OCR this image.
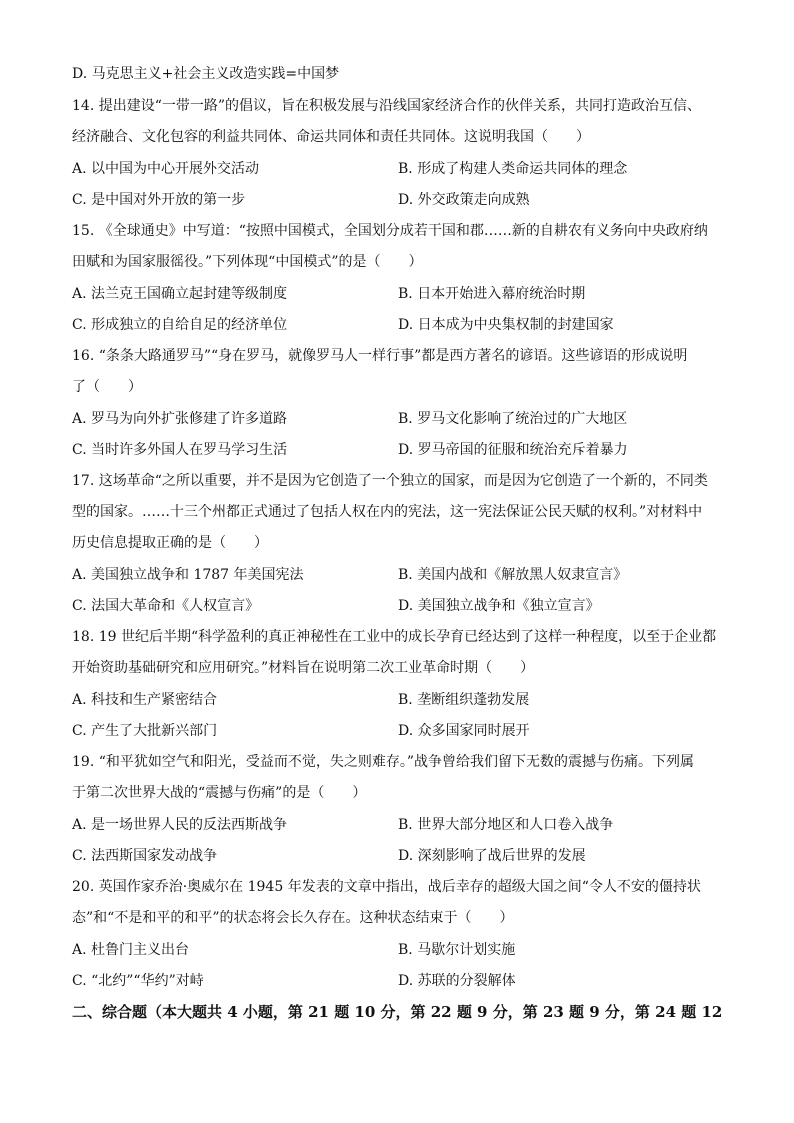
D. 马克思主义+社会主义改造实践=中国梦
14. 提出建设“一带一路”的倡议，旨在积极发展与沿线国家经济合作的伙伴关系，共同打造政治互信、
经济融合、文化包容的利益共同体、命运共同体和责任共同体。这说明我国（　　）
A. 以中国为中心开展外交活动	B. 形成了构建人类命运共同体的理念
C. 是中国对外开放的第一步	D. 外交政策走向成熟
15. 《全球通史》中写道：“按照中国模式，全国划分成若干国和郡……新的自耕农有义务向中央政府纳
田赋和为国家服徭役。”下列体现“中国模式”的是（　　）
A. 法兰克王国确立起封建等级制度	B. 日本开始进入幕府统治时期
C. 形成独立的自给自足的经济单位	D. 日本成为中央集权制的封建国家
16. “条条大路通罗马”“身在罗马，就像罗马人一样行事”都是西方著名的谚语。这些谚语的形成说明
了（　　）
A. 罗马为向外扩张修建了许多道路	B. 罗马文化影响了统治过的广大地区
C. 当时许多外国人在罗马学习生活	D. 罗马帝国的征服和统治充斥着暴力
17. 这场革命“之所以重要，并不是因为它创造了一个独立的国家，而是因为它创造了一个新的，不同类
型的国家。……十三个州都正式通过了包括人权在内的宪法，这一宪法保证公民天赋的权利。”对材料中
历史信息提取正确的是（　　）
A. 美国独立战争和 1787 年美国宪法	B. 美国内战和《解放黑人奴隶宣言》
C. 法国大革命和《人权宣言》	D. 美国独立战争和《独立宣言》
18. 19 世纪后半期“科学盈利的真正神秘性在工业中的成长孕育已经达到了这样一种程度，以至于企业都
开始资助基础研究和应用研究。”材料旨在说明第二次工业革命时期（　　）
A. 科技和生产紧密结合	B. 垄断组织蓬勃发展
C. 产生了大批新兴部门	D. 众多国家同时展开
19. “和平犹如空气和阳光，受益而不觉，失之则难存。”战争曾给我们留下无数的震撼与伤痛。下列属
于第二次世界大战的“震撼与伤痛”的是（　　）
A. 是一场世界人民的反法西斯战争	B. 世界大部分地区和人口卷入战争
C. 法西斯国家发动战争	D. 深刻影响了战后世界的发展
20. 英国作家乔治·奥威尔在 1945 年发表的文章中指出，战后幸存的超级大国之间“令人不安的僵持状
态”和“不是和平的和平”的状态将会长久存在。这种状态结束于（　　）
A. 杜鲁门主义出台	B. 马歇尔计划实施
C. “北约”“华约”对峙	D. 苏联的分裂解体
二、综合题（本大题共 4 小题，第 21 题 10 分，第 22 题 9 分，第 23 题 9 分，第 24 题 12
